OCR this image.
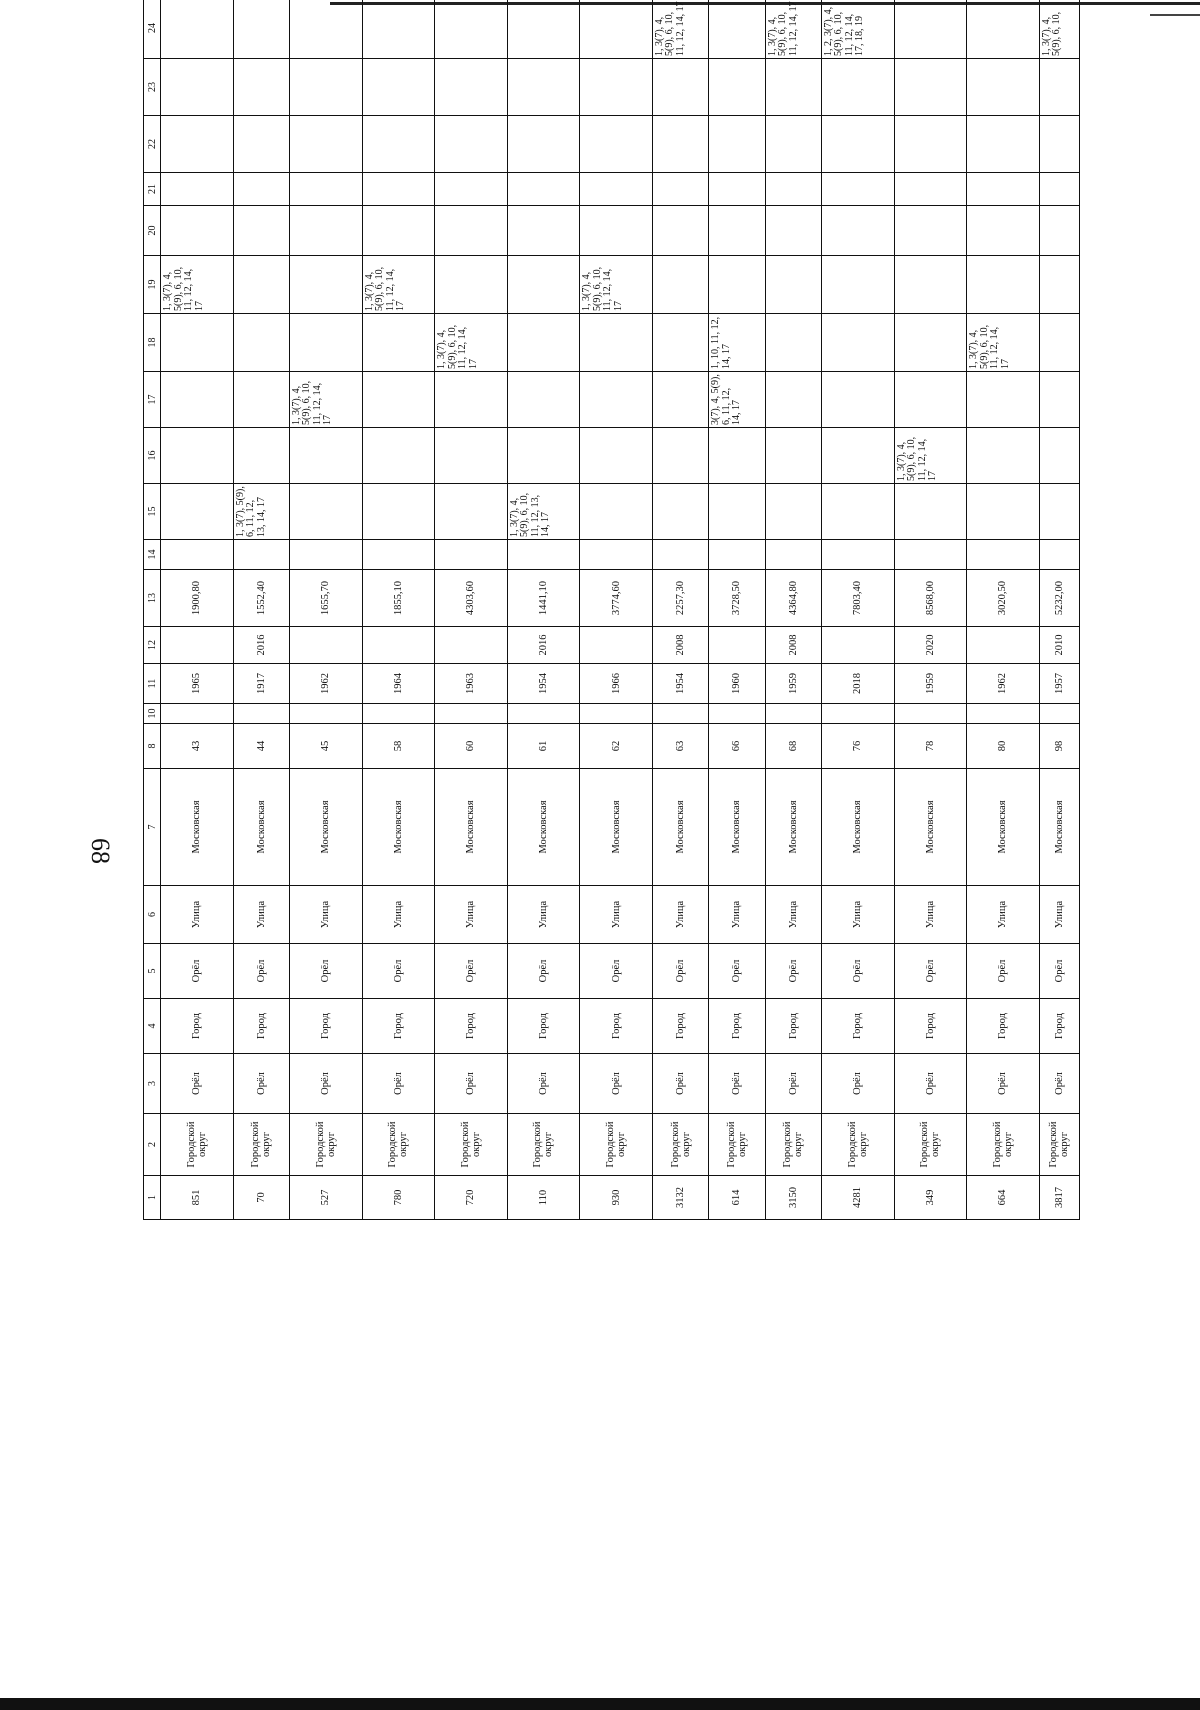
68
1	2	3	4	5	6	7	8	10	11	12	13	14	15	16	17	18	19	20	21	22	23	24
851	Городской округ	Орёл	Город	Орёл	Улица	Московская	43		1965		1900,80						1, 3(7), 4, 5(9), 6, 10, 11, 12, 14, 17					
70	Городской округ	Орёл	Город	Орёл	Улица	Московская	44		1917	2016	1552,40		1, 3(7), 5(9), 6, 11, 12, 13, 14, 17									
527	Городской округ	Орёл	Город	Орёл	Улица	Московская	45		1962		1655,70				1, 3(7), 4, 5(9), 6, 10, 11, 12, 14, 17							
780	Городской округ	Орёл	Город	Орёл	Улица	Московская	58		1964		1855,10						1, 3(7), 4, 5(9), 6, 10, 11, 12, 14, 17					
720	Городской округ	Орёл	Город	Орёл	Улица	Московская	60		1963		4303,60					1, 3(7), 4, 5(9), 6, 10, 11, 12, 14, 17						
110	Городской округ	Орёл	Город	Орёл	Улица	Московская	61		1954	2016	1441,10		1, 3(7), 4, 5(9), 6, 10, 11, 12, 13, 14, 17									
930	Городской округ	Орёл	Город	Орёл	Улица	Московская	62		1966		3774,60						1, 3(7), 4, 5(9), 6, 10, 11, 12, 14, 17					
3132	Городской округ	Орёл	Город	Орёл	Улица	Московская	63		1954	2008	2257,30											1, 3(7), 4, 5(9), 6, 10, 11, 12, 14, 17
614	Городской округ	Орёл	Город	Орёл	Улица	Московская	66		1960		3728,50				3(7), 4, 5(9), 6, 11, 12, 14, 17	1, 10, 11, 12, 14, 17						
3150	Городской округ	Орёл	Город	Орёл	Улица	Московская	68		1959	2008	4364,80											1, 3(7), 4, 5(9), 6, 10, 11, 12, 14, 17
4281	Городской округ	Орёл	Город	Орёл	Улица	Московская	76		2018		7803,40											1, 2, 3(7), 4, 5(9), 6, 10, 11, 12, 14, 17, 18, 19
349	Городской округ	Орёл	Город	Орёл	Улица	Московская	78		1959	2020	8568,00			1, 3(7), 4, 5(9), 6, 10, 11, 12, 14, 17								
664	Городской округ	Орёл	Город	Орёл	Улица	Московская	80		1962		3020,50					1, 3(7), 4, 5(9), 6, 10, 11, 12, 14, 17						
3817	Городской округ	Орёл	Город	Орёл	Улица	Московская	98		1957	2010	5232,00											1, 3(7), 4, 5(9), 6, 10,
